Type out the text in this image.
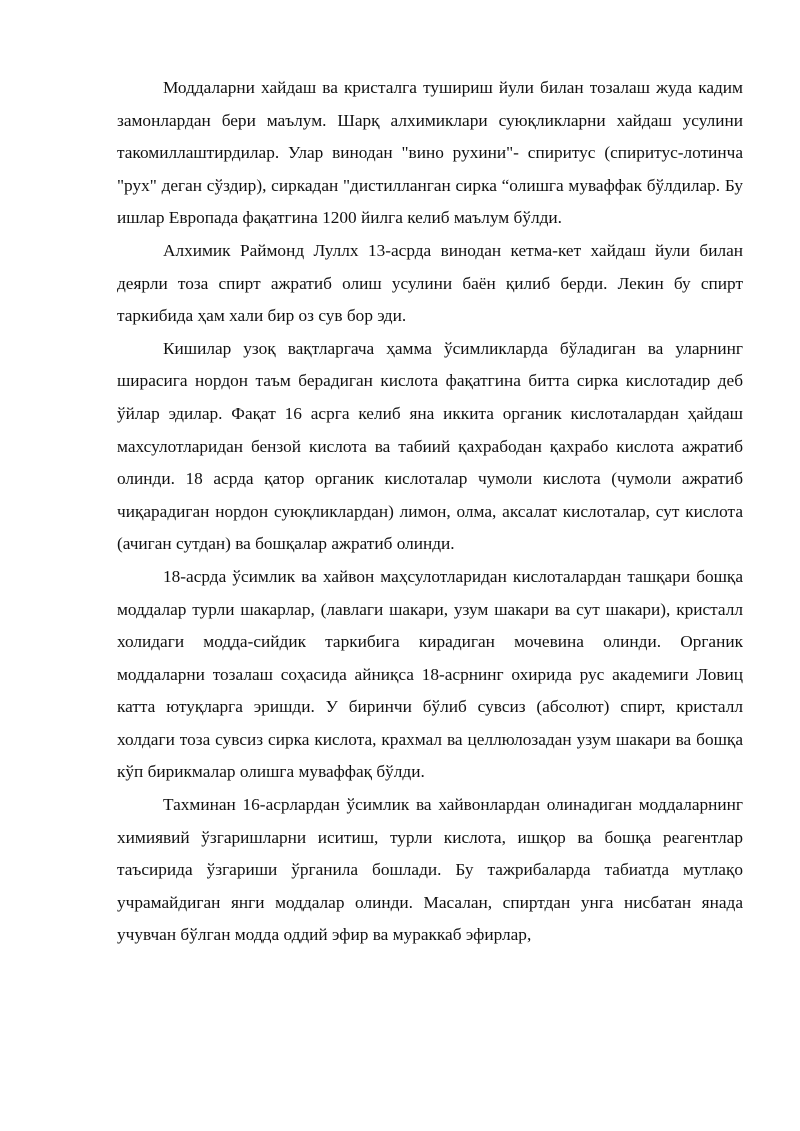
Моддаларни хайдаш ва кристалга тушириш йули билан тозалаш жуда кадим замонлардан бери маълум. Шарқ алхимиклари суюқликларни хайдаш усулини такомиллаштирдилар. Улар винодан "вино рухини"- спиритус (спиритус-лотинча "рух" деган сўздир), сиркадан "дистилланган сирка “олишга муваффак бўлдилар. Бу ишлар Европада фақатгина 1200 йилга келиб маълум бўлди.

Алхимик Раймонд Луллх 13-асрда винодан кетма-кет хайдаш йули билан деярли тоза спирт ажратиб олиш усулини баён қилиб берди. Лекин бу спирт таркибида ҳам хали бир оз сув бор эди.

Кишилар узоқ вақтларгача ҳамма ўсимликларда бўладиган ва уларнинг ширасига нордон таъм берадиган кислота фақатгина битта сирка кислотадир деб ўйлар эдилар. Фақат 16 асрга келиб яна иккита органик кислоталардан ҳайдаш махсулотларидан бензой кислота ва табиий қахрабодан қахрабо кислота ажратиб олинди. 18 асрда қатор органик кислоталар чумоли кислота (чумоли ажратиб чиқарадиган нордон суюқликлардан) лимон, олма, аксалат кислоталар, сут кислота (ачиган сутдан) ва бошқалар ажратиб олинди.

18-асрда ўсимлик ва хайвон маҳсулотларидан кислоталардан ташқари бошқа моддалар турли шакарлар, (лавлаги шакари, узум шакари ва сут шакари), кристалл холидаги модда-сийдик таркибига кирадиган мочевина олинди. Органик моддаларни тозалаш соҳасида айниқса 18-асрнинг охирида рус академиги Ловиц катта ютуқларга эришди. У биринчи бўлиб сувсиз (абсолют) спирт, кристалл холдаги тоза сувсиз сирка кислота, крахмал ва целлюлозадан узум шакари ва бошқа кўп бирикмалар олишга муваффақ бўлди.

Тахминан 16-асрлардан ўсимлик ва хайвонлардан олинадиган моддаларнинг химиявий ўзгаришларни иситиш, турли кислота, ишқор ва бошқа реагентлар таъсирида ўзгариши ўрганила бошлади. Бу тажрибаларда табиатда мутлақо учрамайдиган янги моддалар олинди. Масалан, спиртдан унга нисбатан янада учувчан бўлган модда оддий эфир ва мураккаб эфирлар,
